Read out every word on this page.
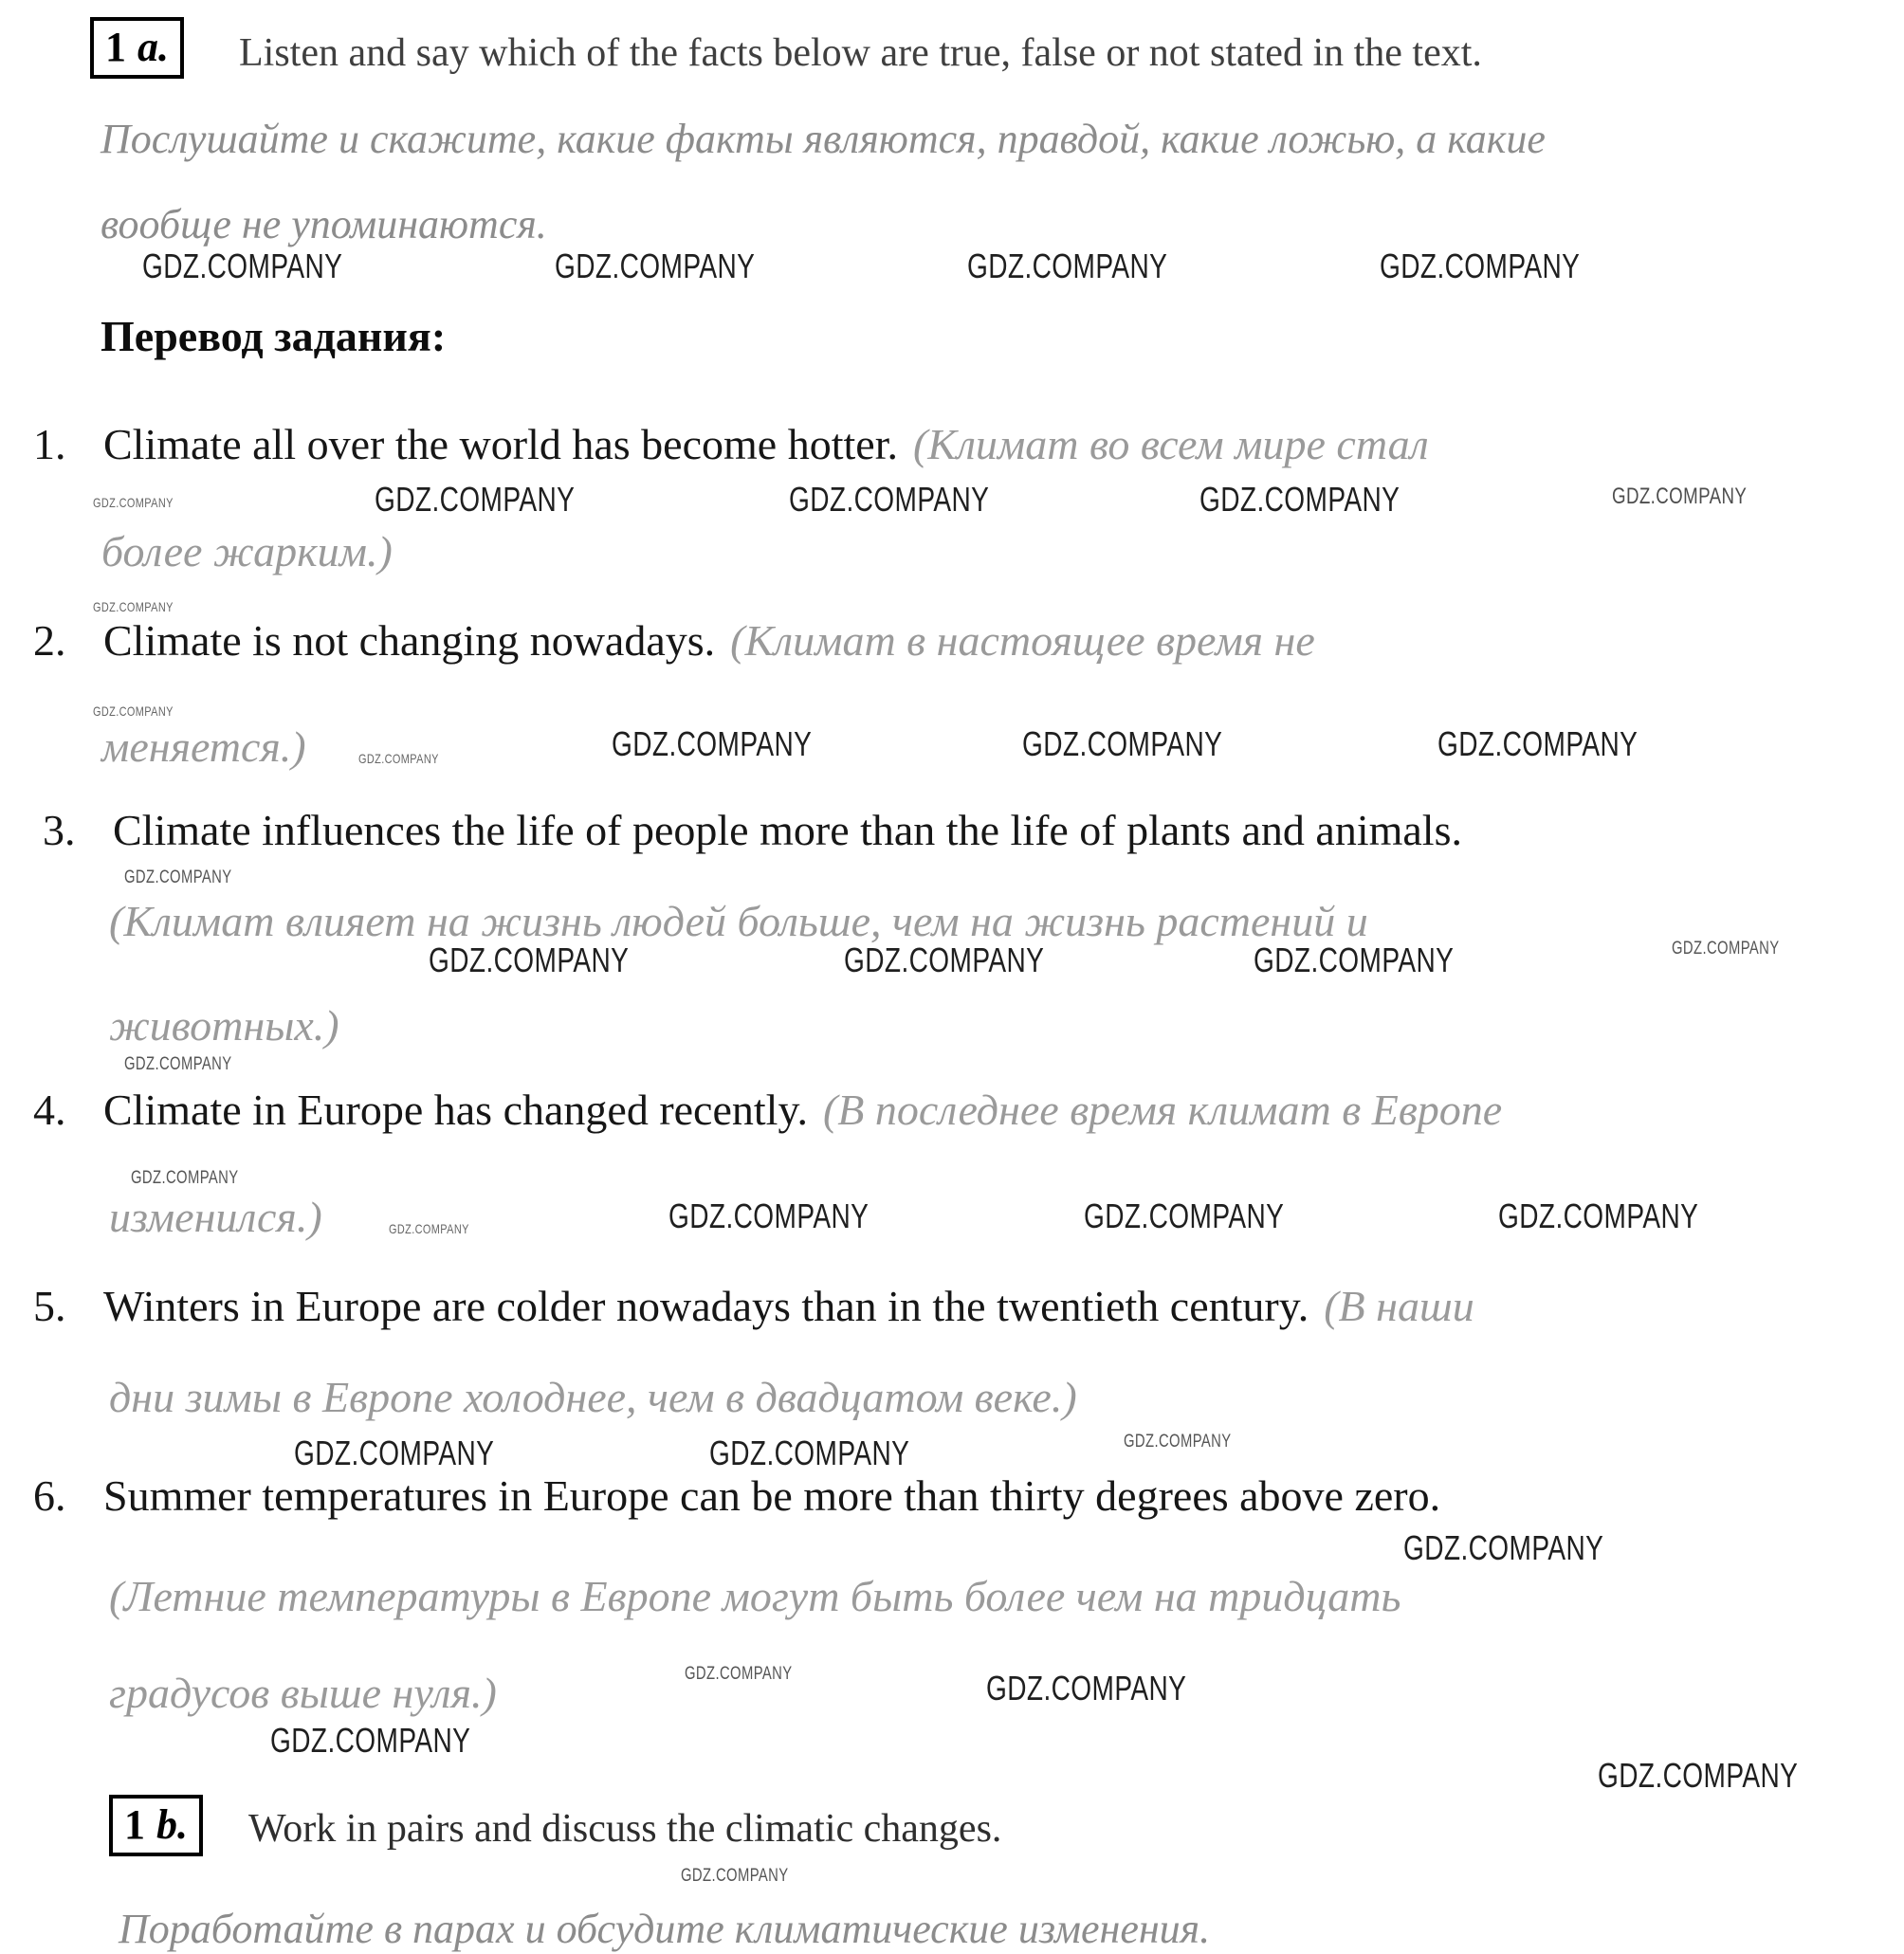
1 a. Listen and say which of the facts below are true, false or not stated in the text.
Послушайте и скажите, какие факты являются, правдой, какие ложью, а какие
вообще не упоминаются.
GDZ.COMPANY	GDZ.COMPANY	GDZ.COMPANY	GDZ.COMPANY
Перевод задания:
1. Climate all over the world has become hotter. (Климат во всем мире стал
GDZ.COMPANY	GDZ.COMPANY	GDZ.COMPANY	GDZ.COMPANY	GDZ.COMPANY
более жарким.)
GDZ.COMPANY
2. Climate is not changing nowadays. (Климат в настоящее время не
GDZ.COMPANY
меняется.)	GDZ.COMPANY	GDZ.COMPANY	GDZ.COMPANY	GDZ.COMPANY
3. Climate influences the life of people more than the life of plants and animals.
GDZ.COMPANY
(Климат влияет на жизнь людей больше, чем на жизнь растений и
GDZ.COMPANY	GDZ.COMPANY	GDZ.COMPANY	GDZ.COMPANY
животных.)
GDZ.COMPANY
4. Climate in Europe has changed recently. (В последнее время климат в Европе
GDZ.COMPANY
изменился.)	GDZ.COMPANY	GDZ.COMPANY	GDZ.COMPANY	GDZ.COMPANY
5. Winters in Europe are colder nowadays than in the twentieth century. (В наши
дни зимы в Европе холоднее, чем в двадцатом веке.)
GDZ.COMPANY	GDZ.COMPANY	GDZ.COMPANY
6. Summer temperatures in Europe can be more than thirty degrees above zero.
GDZ.COMPANY
(Летние температуры в Европе могут быть более чем на тридцать
градусов выше нуля.)	GDZ.COMPANY	GDZ.COMPANY
GDZ.COMPANY
GDZ.COMPANY
1 b. Work in pairs and discuss the climatic changes.
GDZ.COMPANY
Поработайте в парах и обсудите климатические изменения.
